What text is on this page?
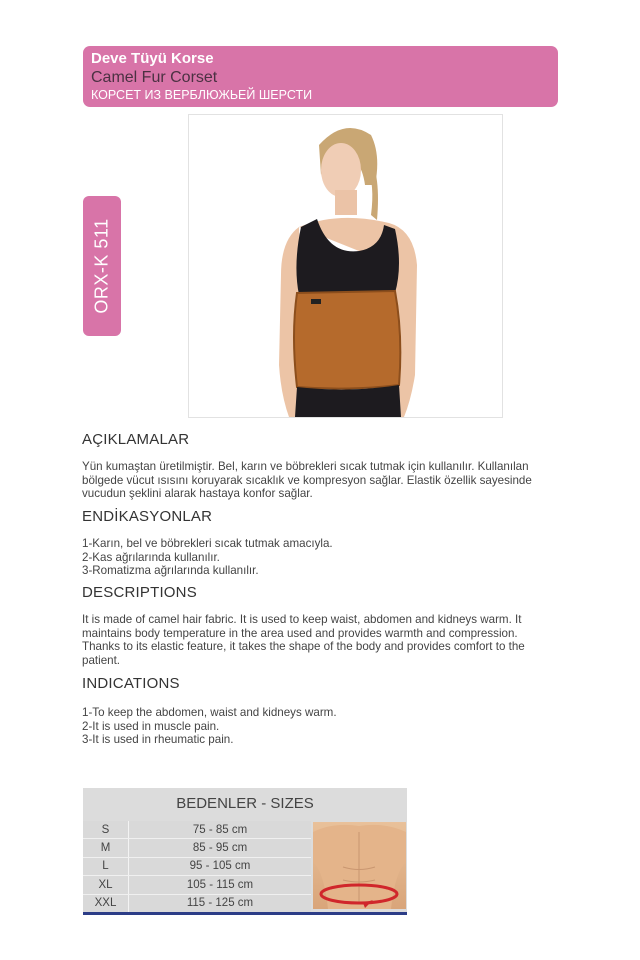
Deve Tüyü Korse
Camel Fur Corset
КОРСЕТ ИЗ ВЕРБЛЮЖЬЕЙ ШЕРСТИ
ORX-K 511
AÇIKLAMALAR
Yün kumaştan üretilmiştir. Bel, karın ve böbrekleri sıcak tutmak için kullanılır. Kullanılan bölgede vücut ısısını koruyarak sıcaklık ve kompresyon sağlar. Elastik özellik sayesinde vucudun şeklini alarak hastaya konfor sağlar.
ENDİKASYONLAR
1-Karın, bel ve böbrekleri sıcak tutmak amacıyla.
2-Kas ağrılarında kullanılır.
3-Romatizma ağrılarında kullanılır.
DESCRIPTIONS
It is made of camel hair fabric. It is used to keep waist, abdomen and kidneys warm. It maintains body temperature in the area used and provides warmth and compression. Thanks to its elastic feature, it takes the shape of the body and provides comfort to the patient.
INDICATIONS
1-To keep the abdomen, waist and kidneys warm.
2-It is used in muscle pain.
3-It is used in rheumatic pain.
BEDENLER - SIZES
S	75 - 85 cm
M	85 - 95 cm
L	95 - 105 cm
XL	105 - 115 cm
XXL	115 - 125 cm
